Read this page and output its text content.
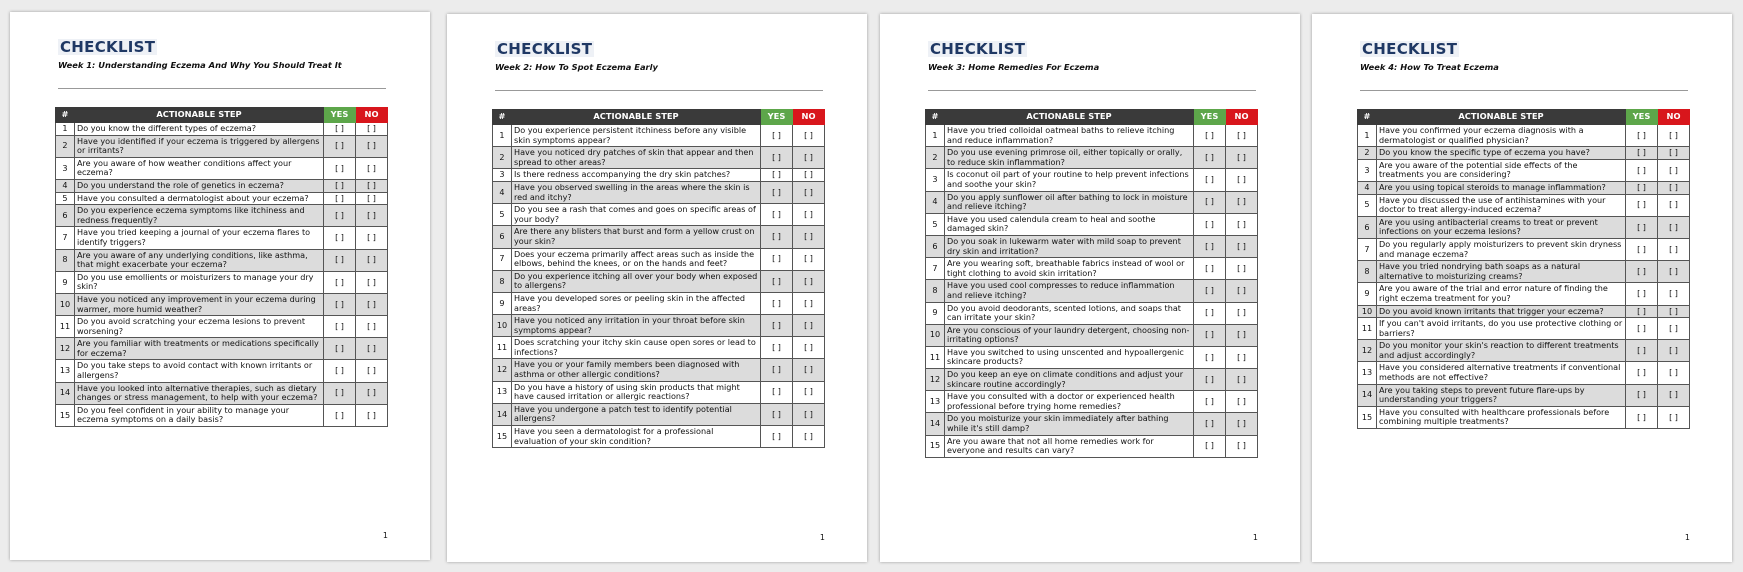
CHECKLIST
Week 1: Understanding Eczema And Why You Should Treat It
#	ACTIONABLE STEP	YES	NO
1	Do you know the different types of eczema?	[ ]	[ ]
2	Have you identified if your eczema is triggered by allergens or irritants?	[ ]	[ ]
3	Are you aware of how weather conditions affect your eczema?	[ ]	[ ]
4	Do you understand the role of genetics in eczema?	[ ]	[ ]
5	Have you consulted a dermatologist about your eczema?	[ ]	[ ]
6	Do you experience eczema symptoms like itchiness and redness frequently?	[ ]	[ ]
7	Have you tried keeping a journal of your eczema flares to identify triggers?	[ ]	[ ]
8	Are you aware of any underlying conditions, like asthma, that might exacerbate your eczema?	[ ]	[ ]
9	Do you use emollients or moisturizers to manage your dry skin?	[ ]	[ ]
10	Have you noticed any improvement in your eczema during warmer, more humid weather?	[ ]	[ ]
11	Do you avoid scratching your eczema lesions to prevent worsening?	[ ]	[ ]
12	Are you familiar with treatments or medications specifically for eczema?	[ ]	[ ]
13	Do you take steps to avoid contact with known irritants or allergens?	[ ]	[ ]
14	Have you looked into alternative therapies, such as dietary changes or stress management, to help with your eczema?	[ ]	[ ]
15	Do you feel confident in your ability to manage your eczema symptoms on a daily basis?	[ ]	[ ]
1
CHECKLIST
Week 2: How To Spot Eczema Early
#	ACTIONABLE STEP	YES	NO
1	Do you experience persistent itchiness before any visible skin symptoms appear?	[ ]	[ ]
2	Have you noticed dry patches of skin that appear and then spread to other areas?	[ ]	[ ]
3	Is there redness accompanying the dry skin patches?	[ ]	[ ]
4	Have you observed swelling in the areas where the skin is red and itchy?	[ ]	[ ]
5	Do you see a rash that comes and goes on specific areas of your body?	[ ]	[ ]
6	Are there any blisters that burst and form a yellow crust on your skin?	[ ]	[ ]
7	Does your eczema primarily affect areas such as inside the elbows, behind the knees, or on the hands and feet?	[ ]	[ ]
8	Do you experience itching all over your body when exposed to allergens?	[ ]	[ ]
9	Have you developed sores or peeling skin in the affected areas?	[ ]	[ ]
10	Have you noticed any irritation in your throat before skin symptoms appear?	[ ]	[ ]
11	Does scratching your itchy skin cause open sores or lead to infections?	[ ]	[ ]
12	Have you or your family members been diagnosed with asthma or other allergic conditions?	[ ]	[ ]
13	Do you have a history of using skin products that might have caused irritation or allergic reactions?	[ ]	[ ]
14	Have you undergone a patch test to identify potential allergens?	[ ]	[ ]
15	Have you seen a dermatologist for a professional evaluation of your skin condition?	[ ]	[ ]
1
CHECKLIST
Week 3: Home Remedies For Eczema
#	ACTIONABLE STEP	YES	NO
1	Have you tried colloidal oatmeal baths to relieve itching and reduce inflammation?	[ ]	[ ]
2	Do you use evening primrose oil, either topically or orally, to reduce skin inflammation?	[ ]	[ ]
3	Is coconut oil part of your routine to help prevent infections and soothe your skin?	[ ]	[ ]
4	Do you apply sunflower oil after bathing to lock in moisture and relieve itching?	[ ]	[ ]
5	Have you used calendula cream to heal and soothe damaged skin?	[ ]	[ ]
6	Do you soak in lukewarm water with mild soap to prevent dry skin and irritation?	[ ]	[ ]
7	Are you wearing soft, breathable fabrics instead of wool or tight clothing to avoid skin irritation?	[ ]	[ ]
8	Have you used cool compresses to reduce inflammation and relieve itching?	[ ]	[ ]
9	Do you avoid deodorants, scented lotions, and soaps that can irritate your skin?	[ ]	[ ]
10	Are you conscious of your laundry detergent, choosing non-irritating options?	[ ]	[ ]
11	Have you switched to using unscented and hypoallergenic skincare products?	[ ]	[ ]
12	Do you keep an eye on climate conditions and adjust your skincare routine accordingly?	[ ]	[ ]
13	Have you consulted with a doctor or experienced health professional before trying home remedies?	[ ]	[ ]
14	Do you moisturize your skin immediately after bathing while it's still damp?	[ ]	[ ]
15	Are you aware that not all home remedies work for everyone and results can vary?	[ ]	[ ]
1
CHECKLIST
Week 4: How To Treat Eczema
#	ACTIONABLE STEP	YES	NO
1	Have you confirmed your eczema diagnosis with a dermatologist or qualified physician?	[ ]	[ ]
2	Do you know the specific type of eczema you have?	[ ]	[ ]
3	Are you aware of the potential side effects of the treatments you are considering?	[ ]	[ ]
4	Are you using topical steroids to manage inflammation?	[ ]	[ ]
5	Have you discussed the use of antihistamines with your doctor to treat allergy-induced eczema?	[ ]	[ ]
6	Are you using antibacterial creams to treat or prevent infections on your eczema lesions?	[ ]	[ ]
7	Do you regularly apply moisturizers to prevent skin dryness and manage eczema?	[ ]	[ ]
8	Have you tried nondrying bath soaps as a natural alternative to moisturizing creams?	[ ]	[ ]
9	Are you aware of the trial and error nature of finding the right eczema treatment for you?	[ ]	[ ]
10	Do you avoid known irritants that trigger your eczema?	[ ]	[ ]
11	If you can't avoid irritants, do you use protective clothing or barriers?	[ ]	[ ]
12	Do you monitor your skin's reaction to different treatments and adjust accordingly?	[ ]	[ ]
13	Have you considered alternative treatments if conventional methods are not effective?	[ ]	[ ]
14	Are you taking steps to prevent future flare-ups by understanding your triggers?	[ ]	[ ]
15	Have you consulted with healthcare professionals before combining multiple treatments?	[ ]	[ ]
1
